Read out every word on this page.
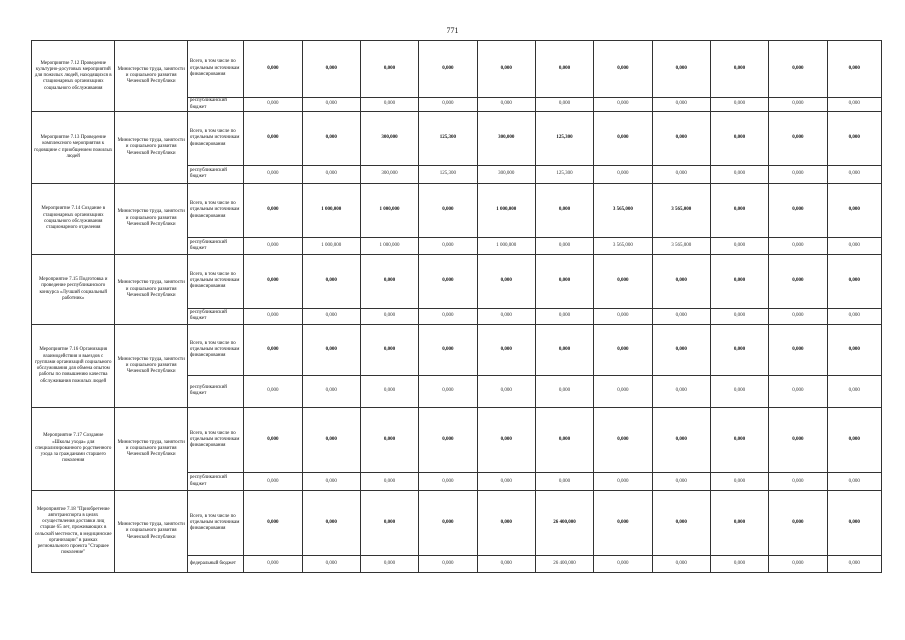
771
Мероприятие 7.12 Проведение культурно-досуговых мероприятий для пожилых людей, находящихся в стационарных организациях социального обслуживания	Министерство труда, занятости и социального развития Чеченской Республики	Всего, в том числе по отдельным источникам финансирования	0,000	0,000	0,000	0,000	0,000	0,000	0,000	0,000	0,000	0,000	0,000
		республиканский бюджет	0,000	0,000	0,000	0,000	0,000	0,000	0,000	0,000	0,000	0,000	0,000
Мероприятие 7.13 Проведение комплексного мероприятия к годовщине с приобщением пожилых людей	Министерство труда, занятости и социального развития Чеченской Республики	Всего, в том числе по отдельным источникам финансирования	0,000	0,000	300,000	125,300	300,000	125,300	0,000	0,000	0,000	0,000	0,000
		республиканский бюджет	0,000	0,000	300,000	125,300	300,000	125,300	0,000	0,000	0,000	0,000	0,000
Мероприятие 7.14 Создание в стационарных организациях социального обслуживания стационарного отделения	Министерство труда, занятости и социального развития Чеченской Республики	Всего, в том числе по отдельным источникам финансирования	0,000	1 000,000	1 000,000	0,000	1 000,000	0,000	3 565,000	3 565,000	0,000	0,000	0,000
		республиканский бюджет	0,000	1 000,000	1 000,000	0,000	1 000,000	0,000	3 565,000	3 565,000	0,000	0,000	0,000
Мероприятие 7.15 Подготовка и проведение республиканского конкурса «Лучший социальный работник»	Министерство труда, занятости и социального развития Чеченской Республики	Всего, в том числе по отдельным источникам финансирования	0,000	0,000	0,000	0,000	0,000	0,000	0,000	0,000	0,000	0,000	0,000
		республиканский бюджет	0,000	0,000	0,000	0,000	0,000	0,000	0,000	0,000	0,000	0,000	0,000
Мероприятие 7.16 Организация взаимодействия и выездов с группами организаций социального обслуживания для обмена опытом работы по повышению качества обслуживания пожилых людей	Министерство труда, занятости и социального развития Чеченской Республики	Всего, в том числе по отдельным источникам финансирования	0,000	0,000	0,000	0,000	0,000	0,000	0,000	0,000	0,000	0,000	0,000
		республиканский бюджет	0,000	0,000	0,000	0,000	0,000	0,000	0,000	0,000	0,000	0,000	0,000
Мероприятие 7.17 Создание «Школы ухода» для специализированного родственного ухода за гражданами старшего поколения	Министерство труда, занятости и социального развития Чеченской Республики	Всего, в том числе по отдельным источникам финансирования	0,000	0,000	0,000	0,000	0,000	0,000	0,000	0,000	0,000	0,000	0,000
		республиканский бюджет	0,000	0,000	0,000	0,000	0,000	0,000	0,000	0,000	0,000	0,000	0,000
Мероприятие 7.18 "Приобретение автотранспорта в целях осуществления доставки лиц старше 65 лет, проживающих в сельской местности, в медицинские организации" в рамках регионального проекта "Старшее поколение"	Министерство труда, занятости и социального развития Чеченской Республики	Всего, в том числе по отдельным источникам финансирования	0,000	0,000	0,000	0,000	0,000	26 400,000	0,000	0,000	0,000	0,000	0,000
		федеральный бюджет	0,000	0,000	0,000	0,000	0,000	26 400,000	0,000	0,000	0,000	0,000	0,000
